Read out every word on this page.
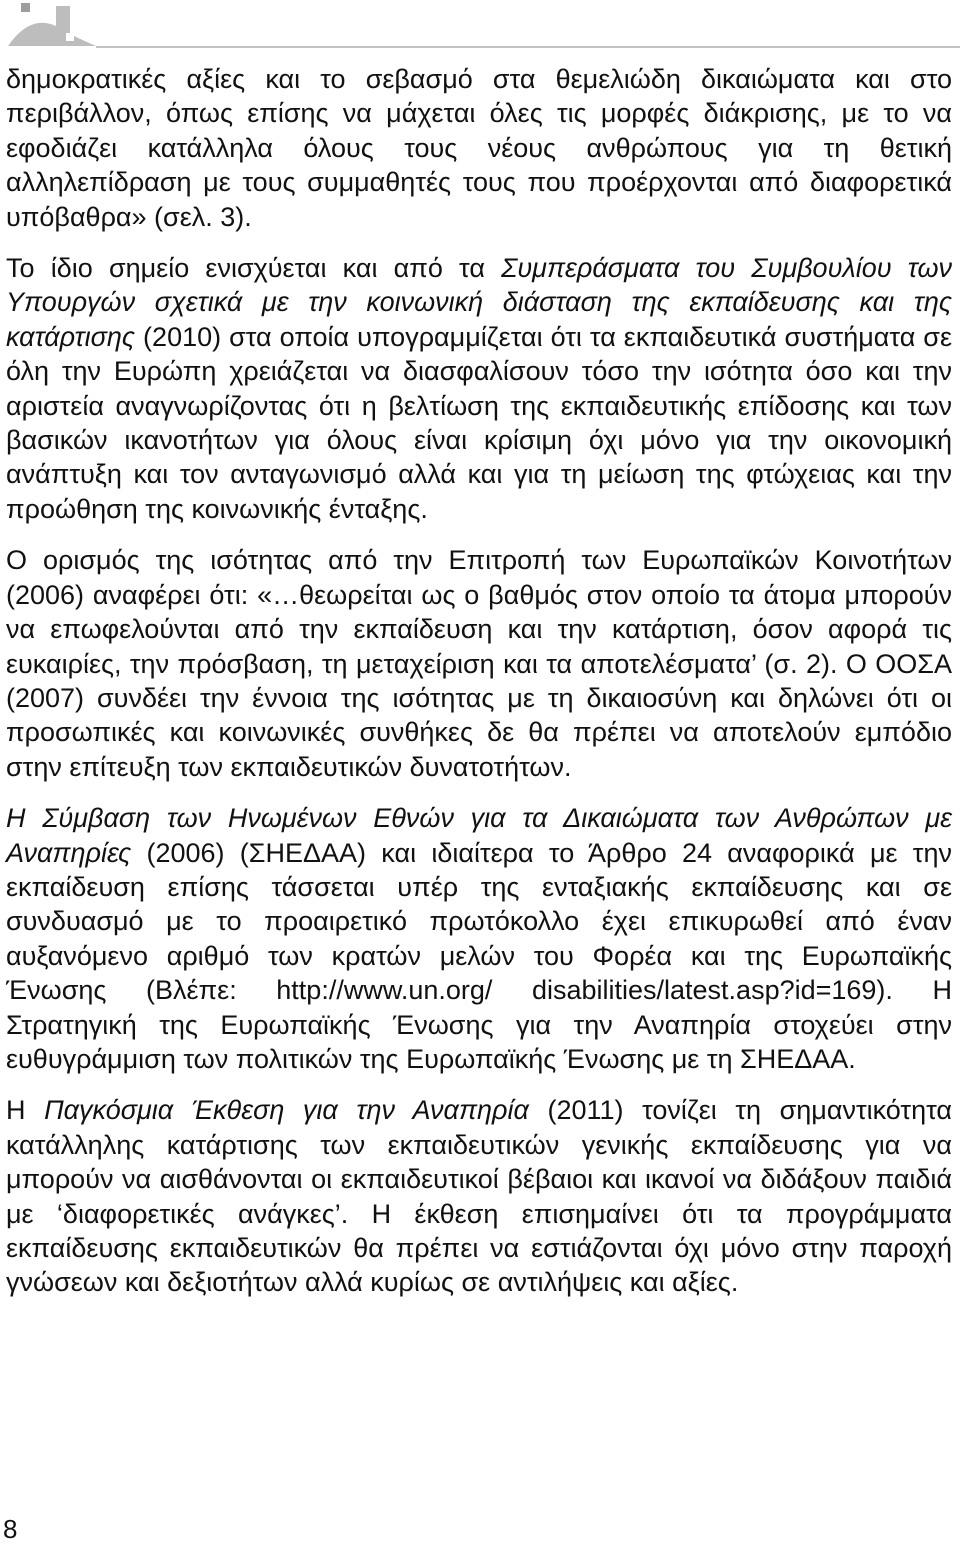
δημοκρατικές αξίες και το σεβασμό στα θεμελιώδη δικαιώματα και στο περιβάλλον, όπως επίσης να μάχεται όλες τις μορφές διάκρισης, με το να εφοδιάζει κατάλληλα όλους τους νέους ανθρώπους για τη θετική αλληλεπίδραση με τους συμμαθητές τους που προέρχονται από διαφορετικά υπόβαθρα» (σελ. 3).

Το ίδιο σημείο ενισχύεται και από τα Συμπεράσματα του Συμβουλίου των Υπουργών σχετικά με την κοινωνική διάσταση της εκπαίδευσης και της κατάρτισης (2010) στα οποία υπογραμμίζεται ότι τα εκπαιδευτικά συστήματα σε όλη την Ευρώπη χρειάζεται να διασφαλίσουν τόσο την ισότητα όσο και την αριστεία αναγνωρίζοντας ότι η βελτίωση της εκπαιδευτικής επίδοσης και των βασικών ικανοτήτων για όλους είναι κρίσιμη όχι μόνο για την οικονομική ανάπτυξη και τον ανταγωνισμό αλλά και για τη μείωση της φτώχειας και την προώθηση της κοινωνικής ένταξης.

Ο ορισμός της ισότητας από την Επιτροπή των Ευρωπαϊκών Κοινοτήτων (2006) αναφέρει ότι: «…θεωρείται ως ο βαθμός στον οποίο τα άτομα μπορούν να επωφελούνται από την εκπαίδευση και την κατάρτιση, όσον αφορά τις ευκαιρίες, την πρόσβαση, τη μεταχείριση και τα αποτελέσματα’ (σ. 2). Ο ΟΟΣΑ (2007) συνδέει την έννοια της ισότητας με τη δικαιοσύνη και δηλώνει ότι οι προσωπικές και κοινωνικές συνθήκες δε θα πρέπει να αποτελούν εμπόδιο στην επίτευξη των εκπαιδευτικών δυνατοτήτων.

Η Σύμβαση των Ηνωμένων Εθνών για τα Δικαιώματα των Ανθρώπων με Αναπηρίες (2006) (ΣΗΕΔΑΑ) και ιδιαίτερα το Άρθρο 24 αναφορικά με την εκπαίδευση επίσης τάσσεται υπέρ της ενταξιακής εκπαίδευσης και σε συνδυασμό με το προαιρετικό πρωτόκολλο έχει επικυρωθεί από έναν αυξανόμενο αριθμό των κρατών μελών του Φορέα και της Ευρωπαϊκής Ένωσης (Βλέπε: http://www.un.org/ disabilities/latest.asp?id=169). Η Στρατηγική της Ευρωπαϊκής Ένωσης για την Αναπηρία στοχεύει στην ευθυγράμμιση των πολιτικών της Ευρωπαϊκής Ένωσης με τη ΣΗΕΔΑΑ.

Η Παγκόσμια Έκθεση για την Αναπηρία (2011) τονίζει τη σημαντικότητα κατάλληλης κατάρτισης των εκπαιδευτικών γενικής εκπαίδευσης για να μπορούν να αισθάνονται οι εκπαιδευτικοί βέβαιοι και ικανοί να διδάξουν παιδιά με ‘διαφορετικές ανάγκες’. Η έκθεση επισημαίνει ότι τα προγράμματα εκπαίδευσης εκπαιδευτικών θα πρέπει να εστιάζονται όχι μόνο στην παροχή γνώσεων και δεξιοτήτων αλλά κυρίως σε αντιλήψεις και αξίες.

8
